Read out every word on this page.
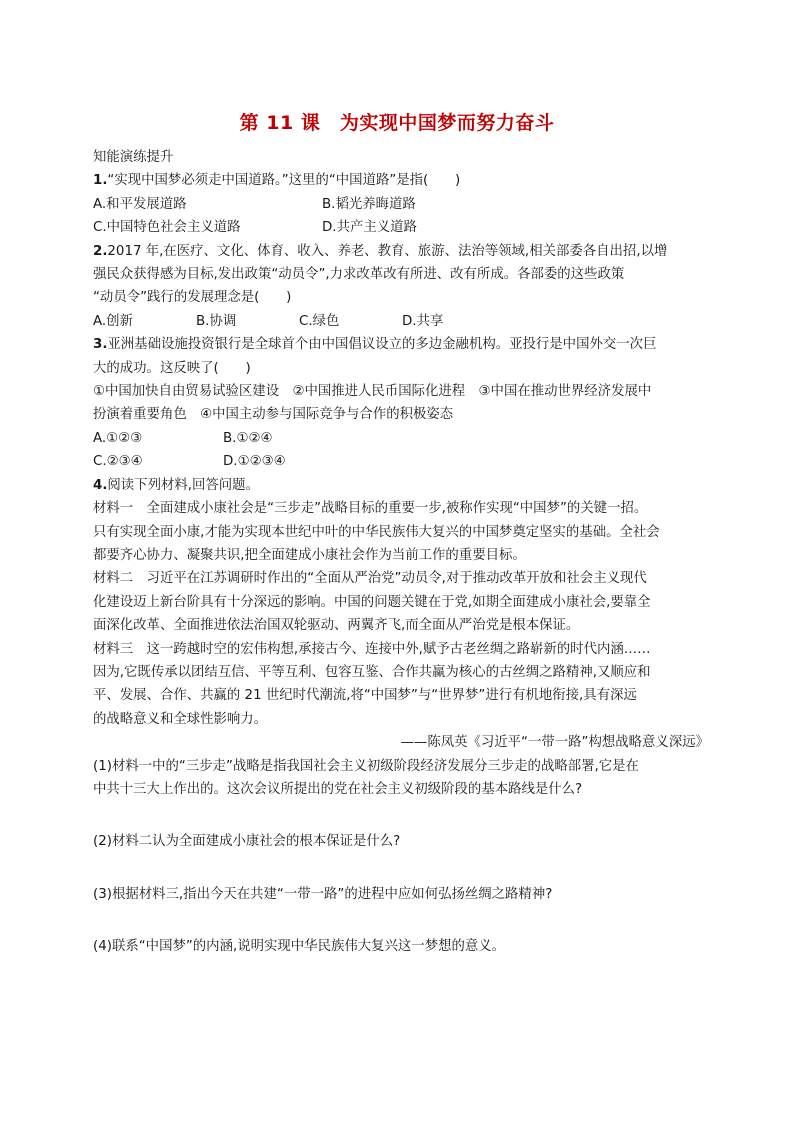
第 11 课　为实现中国梦而努力奋斗
知能演练提升
1.“实现中国梦必须走中国道路。”这里的“中国道路”是指(　　)
A.和平发展道路	B.韬光养晦道路
C.中国特色社会主义道路	D.共产主义道路
2.2017 年,在医疗、文化、体育、收入、养老、教育、旅游、法治等领域,相关部委各自出招,以增
强民众获得感为目标,发出政策“动员令”,力求改革改有所进、改有所成。各部委的这些政策
“动员令”践行的发展理念是(　　)
A.创新	B.协调	C.绿色	D.共享
3.亚洲基础设施投资银行是全球首个由中国倡议设立的多边金融机构。亚投行是中国外交一次巨
大的成功。这反映了(　　)
①中国加快自由贸易试验区建设　②中国推进人民币国际化进程　③中国在推动世界经济发展中
扮演着重要角色　④中国主动参与国际竞争与合作的积极姿态
A.①②③	B.①②④
C.②③④	D.①②③④
4.阅读下列材料,回答问题。
材料一　全面建成小康社会是“三步走”战略目标的重要一步,被称作实现“中国梦”的关键一招。
只有实现全面小康,才能为实现本世纪中叶的中华民族伟大复兴的中国梦奠定坚实的基础。全社会
都要齐心协力、凝聚共识,把全面建成小康社会作为当前工作的重要目标。
材料二　习近平在江苏调研时作出的“全面从严治党”动员令,对于推动改革开放和社会主义现代
化建设迈上新台阶具有十分深远的影响。中国的问题关键在于党,如期全面建成小康社会,要靠全
面深化改革、全面推进依法治国双轮驱动、两翼齐飞,而全面从严治党是根本保证。
材料三　这一跨越时空的宏伟构想,承接古今、连接中外,赋予古老丝绸之路崭新的时代内涵……
因为,它既传承以团结互信、平等互利、包容互鉴、合作共赢为核心的古丝绸之路精神,又顺应和
平、发展、合作、共赢的 21 世纪时代潮流,将“中国梦”与“世界梦”进行有机地衔接,具有深远
的战略意义和全球性影响力。
——陈凤英《习近平“一带一路”构想战略意义深远》
(1)材料一中的“三步走”战略是指我国社会主义初级阶段经济发展分三步走的战略部署,它是在
中共十三大上作出的。这次会议所提出的党在社会主义初级阶段的基本路线是什么?
(2)材料二认为全面建成小康社会的根本保证是什么?
(3)根据材料三,指出今天在共建“一带一路”的进程中应如何弘扬丝绸之路精神?
(4)联系“中国梦”的内涵,说明实现中华民族伟大复兴这一梦想的意义。
